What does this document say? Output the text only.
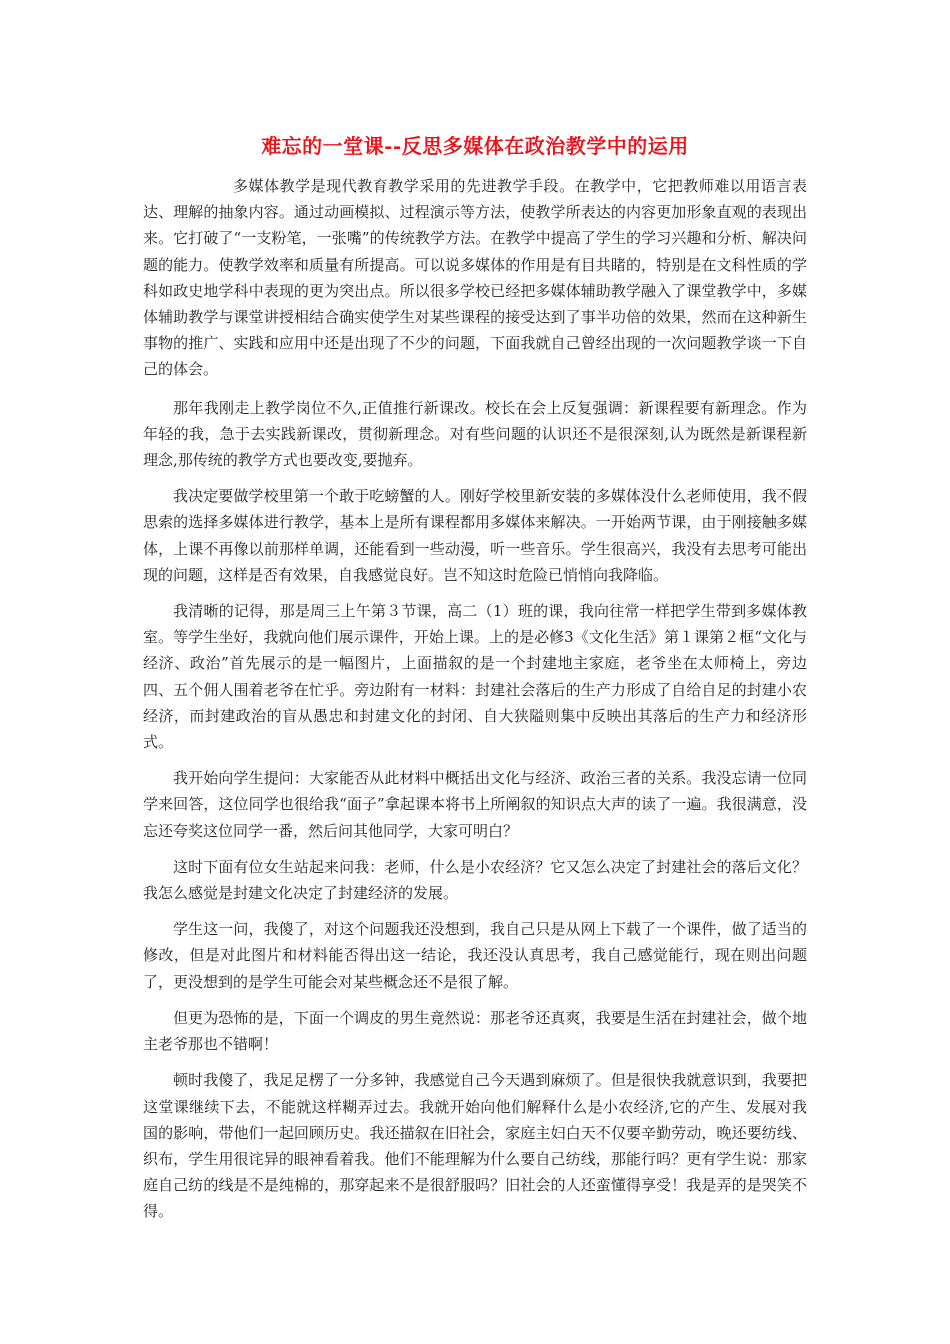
难忘的一堂课--反思多媒体在政治教学中的运用

多媒体教学是现代教育教学采用的先进教学手段。在教学中，它把教师难以用语言表达、理解的抽象内容。通过动画模拟、过程演示等方法，使教学所表达的内容更加形象直观的表现出来。它打破了“一支粉笔，一张嘴”的传统教学方法。在教学中提高了学生的学习兴趣和分析、解决问题的能力。使教学效率和质量有所提高。可以说多媒体的作用是有目共睹的，特别是在文科性质的学科如政史地学科中表现的更为突出点。所以很多学校已经把多媒体辅助教学融入了课堂教学中，多媒体辅助教学与课堂讲授相结合确实使学生对某些课程的接受达到了事半功倍的效果，然而在这种新生事物的推广、实践和应用中还是出现了不少的问题，下面我就自己曾经出现的一次问题教学谈一下自己的体会。

那年我刚走上教学岗位不久,正值推行新课改。校长在会上反复强调：新课程要有新理念。作为年轻的我，急于去实践新课改，贯彻新理念。对有些问题的认识还不是很深刻,认为既然是新课程新理念,那传统的教学方式也要改变,要抛弃。

我决定要做学校里第一个敢于吃螃蟹的人。刚好学校里新安装的多媒体没什么老师使用，我不假思索的选择多媒体进行教学，基本上是所有课程都用多媒体来解决。一开始两节课，由于刚接触多媒体，上课不再像以前那样单调，还能看到一些动漫，听一些音乐。学生很高兴，我没有去思考可能出现的问题，这样是否有效果，自我感觉良好。岂不知这时危险已悄悄向我降临。

我清晰的记得，那是周三上午第３节课，高二（1）班的课，我向往常一样把学生带到多媒体教室。等学生坐好，我就向他们展示课件，开始上课。上的是必修3《文化生活》第１课第２框“文化与经济、政治”首先展示的是一幅图片，上面描叙的是一个封建地主家庭，老爷坐在太师椅上，旁边四、五个佣人围着老爷在忙乎。旁边附有一材料：封建社会落后的生产力形成了自给自足的封建小农经济，而封建政治的盲从愚忠和封建文化的封闭、自大狭隘则集中反映出其落后的生产力和经济形式。

我开始向学生提问：大家能否从此材料中概括出文化与经济、政治三者的关系。我没忘请一位同学来回答，这位同学也很给我“面子”拿起课本将书上所阐叙的知识点大声的读了一遍。我很满意，没忘还夸奖这位同学一番，然后问其他同学，大家可明白？

这时下面有位女生站起来问我：老师，什么是小农经济？它又怎么决定了封建社会的落后文化？我怎么感觉是封建文化决定了封建经济的发展。

学生这一问，我傻了，对这个问题我还没想到，我自己只是从网上下载了一个课件，做了适当的修改，但是对此图片和材料能否得出这一结论，我还没认真思考，我自己感觉能行，现在则出问题了，更没想到的是学生可能会对某些概念还不是很了解。

但更为恐怖的是，下面一个调皮的男生竟然说：那老爷还真爽，我要是生活在封建社会，做个地主老爷那也不错啊！

顿时我傻了，我足足楞了一分多钟，我感觉自己今天遇到麻烦了。但是很快我就意识到，我要把这堂课继续下去，不能就这样糊弄过去。我就开始向他们解释什么是小农经济,它的产生、发展对我国的影响，带他们一起回顾历史。我还描叙在旧社会，家庭主妇白天不仅要辛勤劳动，晚还要纺线、织布，学生用很诧异的眼神看着我。他们不能理解为什么要自己纺线，那能行吗？更有学生说：那家庭自己纺的线是不是纯棉的，那穿起来不是很舒服吗？旧社会的人还蛮懂得享受！我是弄的是哭笑不得。
